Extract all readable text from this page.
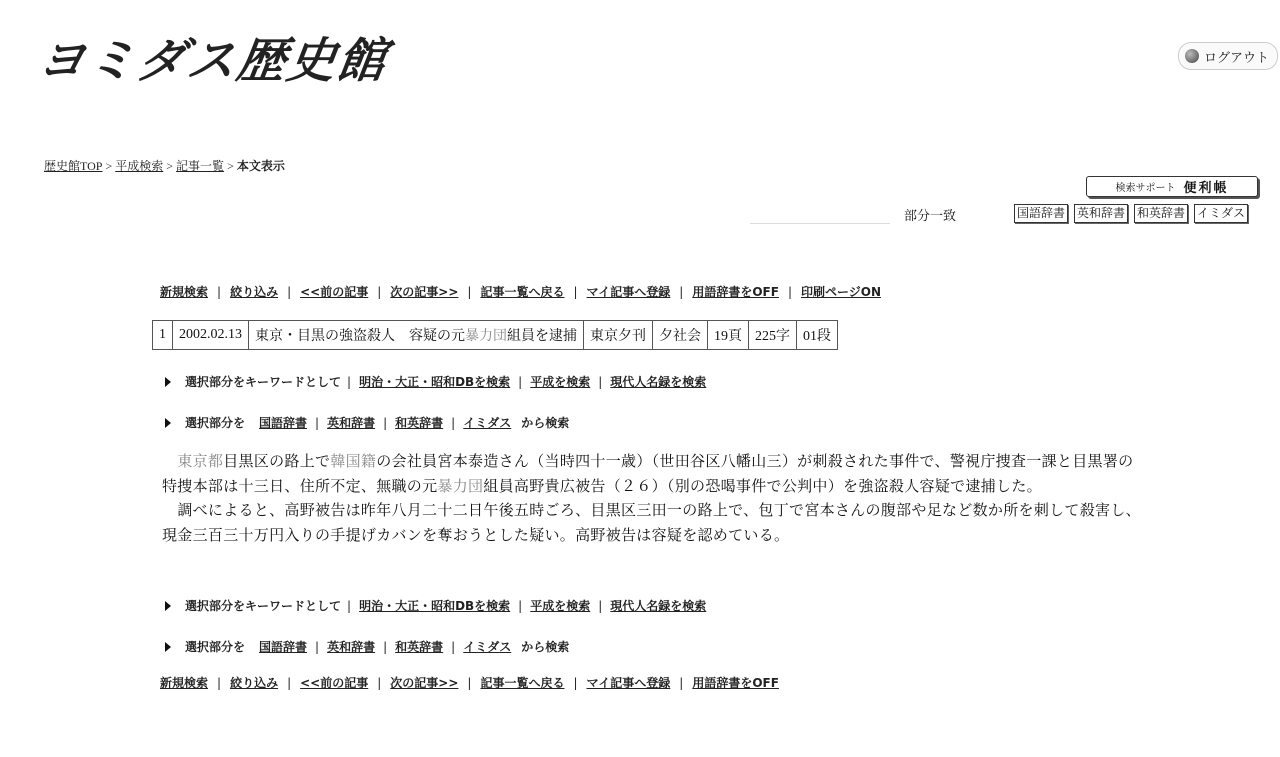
ヨミダス歴史館	ログアウト
歴史館TOP > 平成検索 > 記事一覧 > 本文表示
検索サポート 便利帳
部分一致	国語辞書 英和辞書 和英辞書 イミダス
新規検索 | 絞り込み | <<前の記事 | 次の記事>> | 記事一覧へ戻る | マイ記事へ登録 | 用語辞書をOFF | 印刷ページON
1	2002.02.13	東京・目黒の強盗殺人　容疑の元暴力団組員を逮捕	東京夕刊	夕社会	19頁	225字	01段
選択部分をキーワードとして | 明治・大正・昭和DBを検索 | 平成を検索 | 現代人名録を検索
選択部分を 国語辞書 | 英和辞書 | 和英辞書 | イミダス から検索

　東京都目黒区の路上で韓国籍の会社員宮本泰造さん（当時四十一歳）（世田谷区八幡山三）が刺殺された事件で、警視庁捜査一課と目黒署の特捜本部は十三日、住所不定、無職の元暴力団組員高野貴広被告（２６）（別の恐喝事件で公判中）を強盗殺人容疑で逮捕した。

　調べによると、高野被告は昨年八月二十二日午後五時ごろ、目黒区三田一の路上で、包丁で宮本さんの腹部や足など数か所を刺して殺害し、現金三百三十万円入りの手提げカバンを奪おうとした疑い。高野被告は容疑を認めている。

選択部分をキーワードとして | 明治・大正・昭和DBを検索 | 平成を検索 | 現代人名録を検索
選択部分を 国語辞書 | 英和辞書 | 和英辞書 | イミダス から検索
新規検索 | 絞り込み | <<前の記事 | 次の記事>> | 記事一覧へ戻る | マイ記事へ登録 | 用語辞書をOFF
